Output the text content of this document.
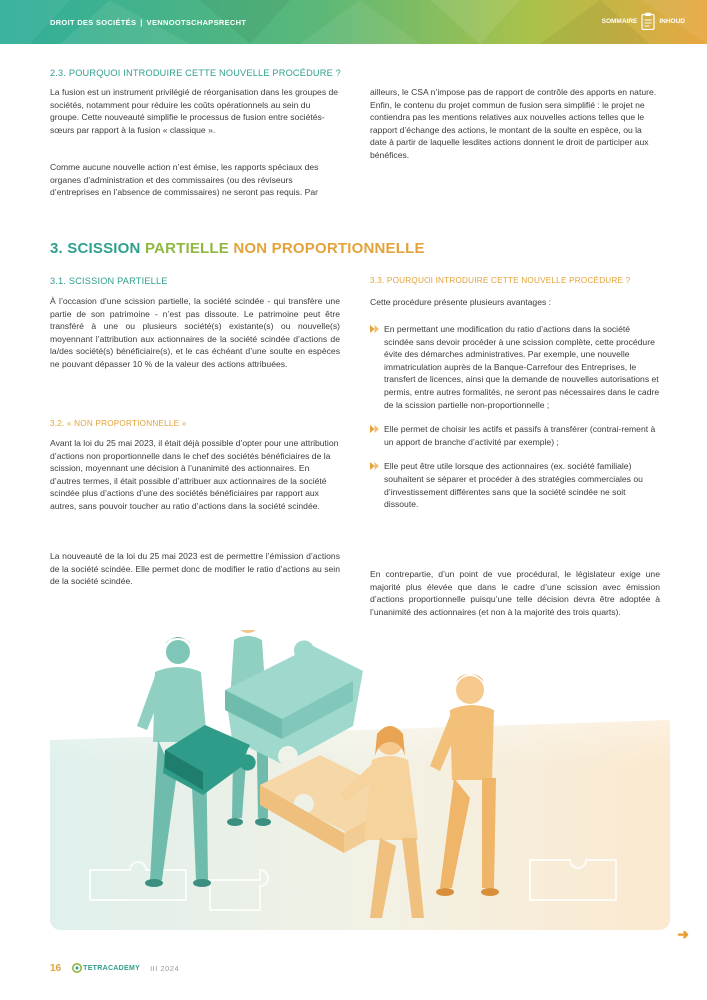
DROIT DES SOCIÉTÉS | VENNOOTSCHAPSRECHT	SOMMAIRE	INHOUD
2.3. POURQUOI INTRODUIRE CETTE NOUVELLE PROCÉDURE ?
La fusion est un instrument privilégié de réorganisation dans les groupes de sociétés, notamment pour réduire les coûts opérationnels au sein du groupe. Cette nouveauté simplifie le processus de fusion entre sociétés-sœurs par rapport à la fusion « classique ».
Comme aucune nouvelle action n’est émise, les rapports spéciaux des organes d’administration et des commissaires (ou des réviseurs d’entreprises en l’absence de commissaires) ne seront pas requis. Par
ailleurs, le CSA n’impose pas de rapport de contrôle des apports en nature. Enfin, le contenu du projet commun de fusion sera simplifié : le projet ne contiendra pas les mentions relatives aux nouvelles actions telles que le rapport d’échange des actions, le montant de la soulte en espèce, ou la date à partir de laquelle lesdites actions donnent le droit de participer aux bénéfices.
3. SCISSION PARTIELLE NON PROPORTIONNELLE
3.1. SCISSION PARTIELLE
À l’occasion d’une scission partielle, la société scindée - qui transfère une partie de son patrimoine - n’est pas dissoute. Le patrimoine peut être transféré à une ou plusieurs société(s) existante(s) ou nouvelle(s) moyennant l’attribution aux actionnaires de la société scindée d’actions de la/des société(s) bénéficiaire(s), et le cas échéant d’une soulte en espèces ne pouvant dépasser 10 % de la valeur des actions attribuées.
3.2. « NON PROPORTIONNELLE »
Avant la loi du 25 mai 2023, il était déjà possible d’opter pour une attribution d’actions non proportionnelle dans le chef des sociétés bénéficiaires de la scission, moyennant une décision à l’unanimité des actionnaires. En d’autres termes, il était possible d’attribuer aux actionnaires de la société scindée plus d’actions d’une des sociétés bénéficiaires par rapport aux autres, sans pouvoir toucher au ratio d’actions dans la société scindée.
La nouveauté de la loi du 25 mai 2023 est de permettre l’émission d’actions de la société scindée. Elle permet donc de modifier le ratio d’actions au sein de la société scindée.
3.3. POURQUOI INTRODUIRE CETTE NOUVELLE PROCÉDURE ?
Cette procédure présente plusieurs avantages :
En permettant une modification du ratio d’actions dans la société scindée sans devoir procéder à une scission complète, cette procédure évite des démarches administratives. Par exemple, une nouvelle immatriculation auprès de la Banque-Carrefour des Entreprises, le transfert de licences, ainsi que la demande de nouvelles autorisations et permis, entre autres formalités, ne seront pas nécessaires dans le cadre de la scission partielle non-proportionnelle ;
Elle permet de choisir les actifs et passifs à transférer (contrai-rement à un apport de branche d’activité par exemple) ;
Elle peut être utile lorsque des actionnaires (ex. société familiale) souhaitent se séparer et procéder à des stratégies commerciales ou d’investissement différentes sans que la société scindée ne soit dissoute.
En contrepartie, d’un point de vue procédural, le législateur exige une majorité plus élevée que dans le cadre d’une scission avec émission d’actions proportionnelle puisqu’une telle décision devra être adoptée à l’unanimité des actionnaires (et non à la majorité des trois quarts).
➜
16	TETRACADEMY III 2024
